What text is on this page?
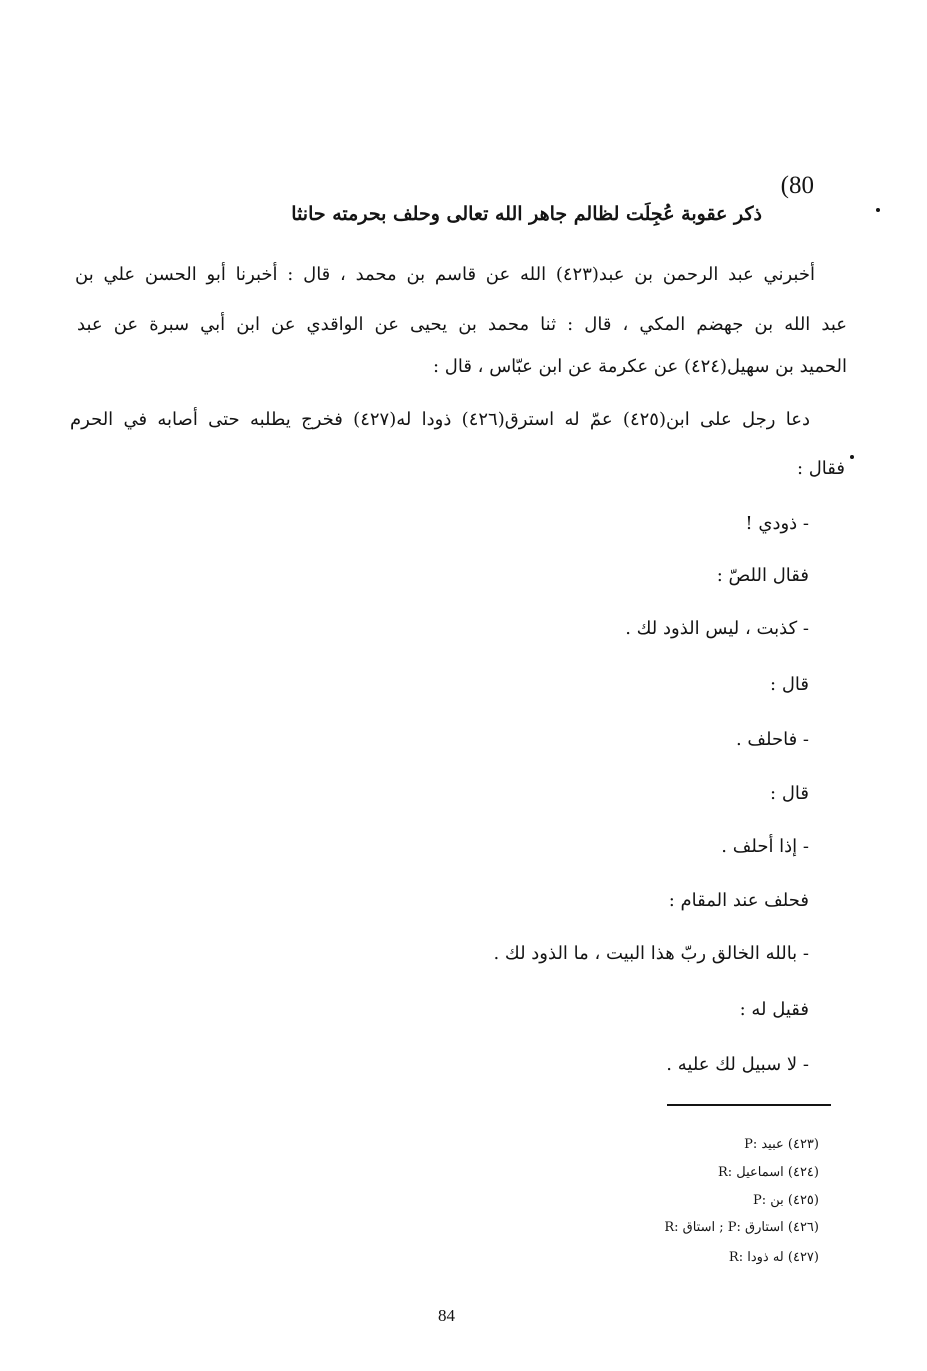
(80
ذكر عقوبة عُجِلَت لظالم جاهر الله تعالى وحلف بحرمته حانثا
أخبرني عبد الرحمن بن عبد(٤٢٣) الله عن قاسم بن محمد ، قال : أخبرنا أبو الحسن علي بن
عبد الله بن جهضم المكي ، قال : ثنا محمد بن يحيى عن الواقدي عن ابن أبي سبرة عن عبد
الحميد بن سهيل(٤٢٤) عن عكرمة عن ابن عبّاس ، قال :
دعا رجل على ابن(٤٢٥) عمّ له استرق(٤٢٦) ذودا له(٤٢٧) فخرج يطلبه حتى أصابه في الحرم
فقال :
- ذودي !
فقال اللصّ :
- كذبت ، ليس الذود لك .
قال :
- فاحلف .
قال :
- إذا أحلف .
فحلف عند المقام :
- بالله الخالق ربّ هذا البيت ، ما الذود لك .
فقيل له :
- لا سبيل لك عليه .
(٤٢٣) عبيد :P
(٤٢٤) اسماعيل :R
(٤٢٥) بن :P
(٤٢٦) استارق :P ; استاق :R
(٤٢٧) له ذودا :R
84
